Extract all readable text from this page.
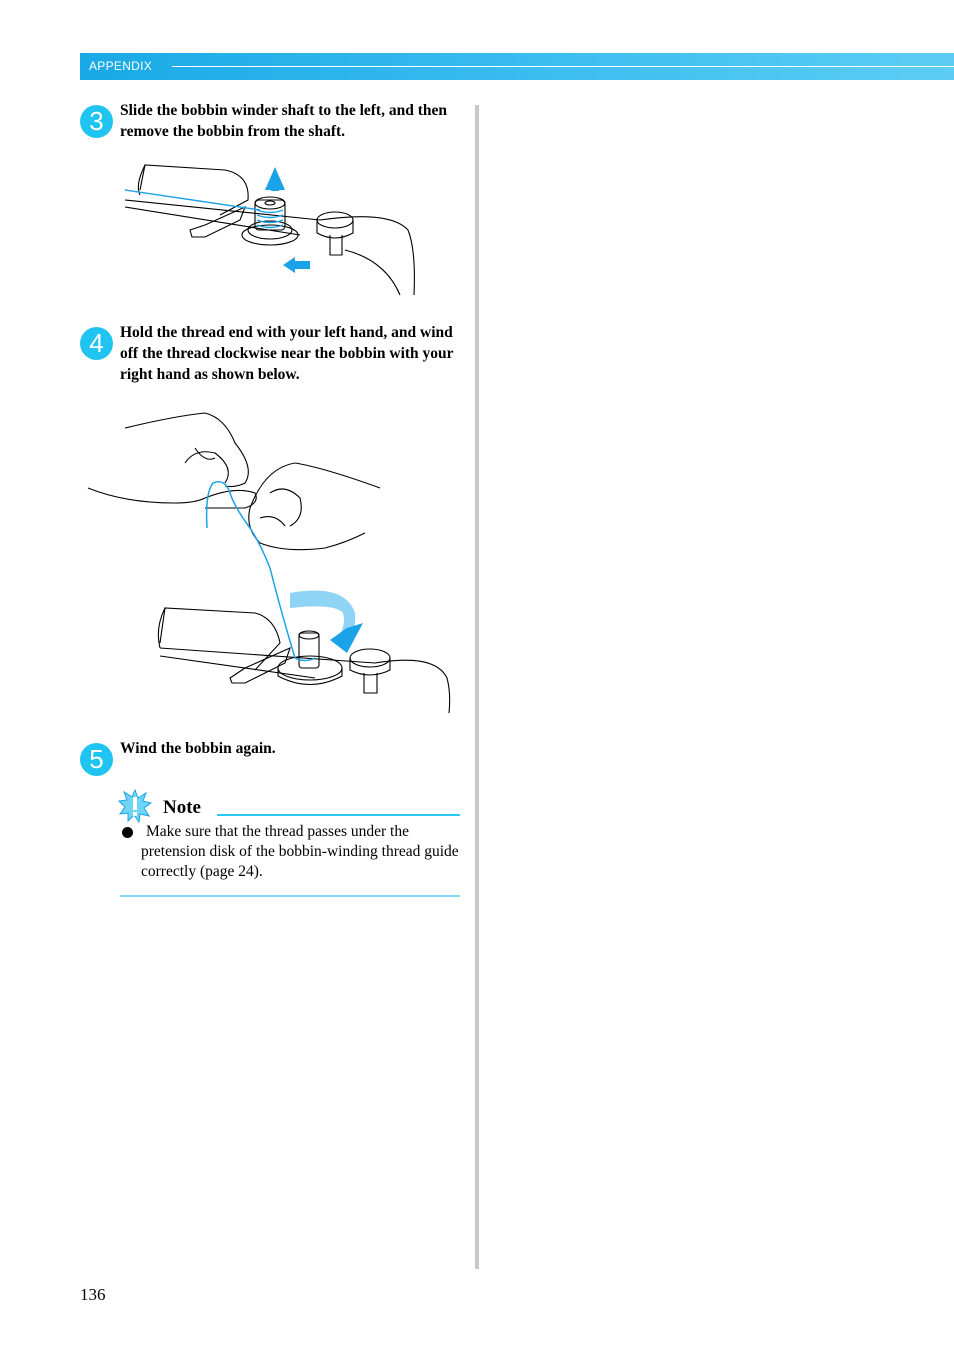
APPENDIX
3	Slide the bobbin winder shaft to the left, and then remove the bobbin from the shaft.
4	Hold the thread end with your left hand, and wind off the thread clockwise near the bobbin with your right hand as shown below.
5	Wind the bobbin again.
Note
Make sure that the thread passes under the pretension disk of the bobbin-winding thread guide correctly (page 24).
136
